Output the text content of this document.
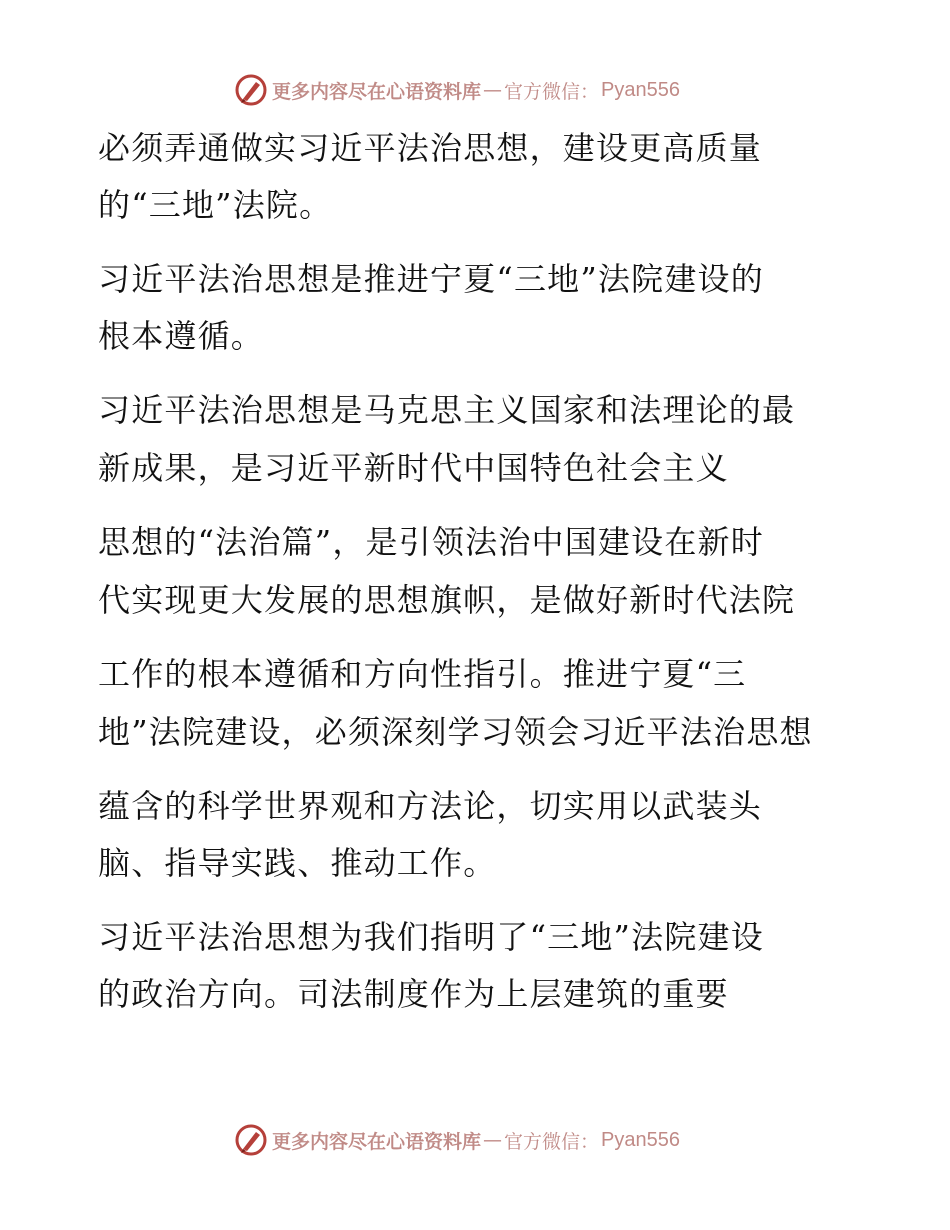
更多内容尽在心语资料库 — 官方微信： Pyan556
必须弄通做实习近平法治思想，建设更高质量
的“三地”法院。
习近平法治思想是推进宁夏“三地”法院建设的
根本遵循。
习近平法治思想是马克思主义国家和法理论的最
新成果，是习近平新时代中国特色社会主义
思想的“法治篇”，是引领法治中国建设在新时
代实现更大发展的思想旗帜，是做好新时代法院
工作的根本遵循和方向性指引。推进宁夏“三
地”法院建设，必须深刻学习领会习近平法治思想
蕴含的科学世界观和方法论，切实用以武装头
脑、指导实践、推动工作。
习近平法治思想为我们指明了“三地”法院建设
的政治方向。司法制度作为上层建筑的重要
更多内容尽在心语资料库 — 官方微信： Pyan556
